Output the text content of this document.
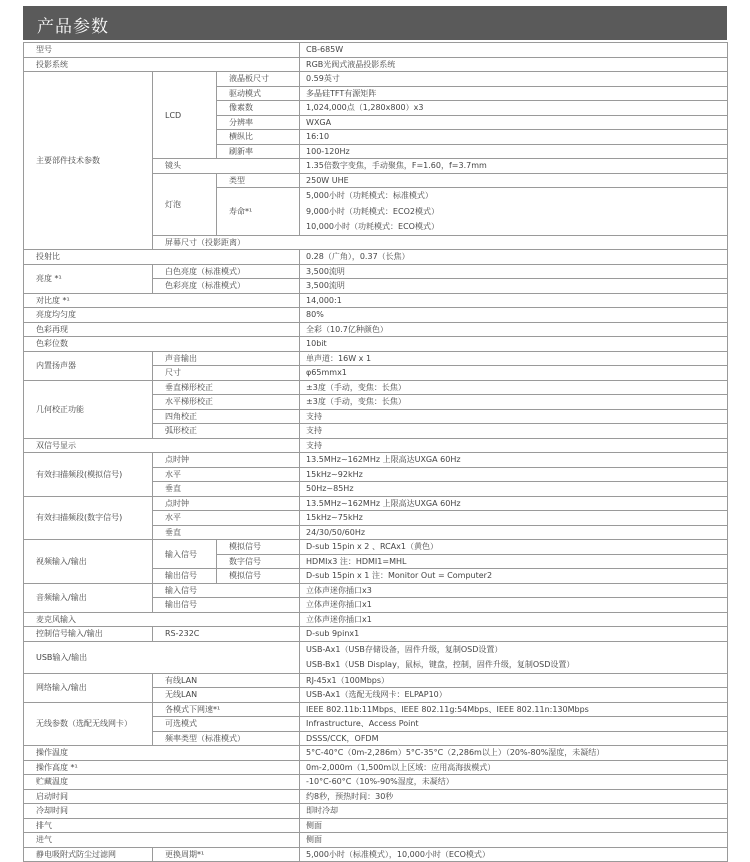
产品参数
型号			CB-685W	
投影系统			RGB光阀式液晶投影系统	
主要部件技术参数	LCD	液晶板尺寸	0.59英寸	
		驱动模式	多晶硅TFT有源矩阵	
		像素数	1,024,000点（1,280x800）x3	
		分辨率	WXGA	
		横纵比	16:10	
		刷新率	100-120Hz	
	镜头		1.35倍数字变焦，手动聚焦，F=1.60，f=3.7mm	
	灯泡	类型	250W UHE	
		寿命*¹	5,000小时（功耗模式：标准模式）
9,000小时（功耗模式：ECO2模式）
10,000小时（功耗模式：ECO模式）	

	屏幕尺寸（投影距离）	
投射比			0.28（广角），0.37（长焦）	
亮度 *¹	白色亮度（标准模式）		3,500流明	
	色彩亮度（标准模式）		3,500流明	
对比度 *¹			14,000:1	
亮度均匀度			80%	
色彩再现			全彩（10.7亿种颜色）	
色彩位数			10bit	
内置扬声器	声音输出		单声道：16W x 1	
	尺寸		φ65mmx1	
几何校正功能	垂直梯形校正		±3度（手动，变焦：长焦）	
	水平梯形校正		±3度（手动，变焦：长焦）	
	四角校正		支持	
	弧形校正		支持	
双信号显示			支持	
有效扫描频段(模拟信号)	点时钟		13.5MHz~162MHz 上限高达UXGA 60Hz	
	水平		15kHz~92kHz	
	垂直		50Hz~85Hz	
有效扫描频段(数字信号)	点时钟		13.5MHz~162MHz 上限高达UXGA 60Hz	
	水平		15kHz~75kHz	
	垂直		24/30/50/60Hz	
视频输入/输出	输入信号	模拟信号	D-sub 15pin x 2 、RCAx1（黄色）	
		数字信号	HDMIx3 注：HDMI1=MHL	
	输出信号	模拟信号	D-sub 15pin x 1 注：Monitor Out = Computer2	
音频输入/输出	输入信号		立体声迷你插口x3	
	输出信号		立体声迷你插口x1	
麦克风输入			立体声迷你插口x1	
控制信号输入/输出	RS-232C		D-sub 9pinx1	
USB输入/输出			USB-Ax1（USB存储设备，固件升级，复制OSD设置）
USB-Bx1（USB Display，鼠标，键盘，控制，固件升级，复制OSD设置）	

网络输入/输出	有线LAN		RJ-45x1（100Mbps）	
	无线LAN		USB-Ax1（选配无线网卡：ELPAP10）	
无线参数（选配无线网卡）	各模式下网速*¹		IEEE 802.11b:11Mbps、IEEE 802.11g:54Mbps、IEEE 802.11n:130Mbps	
	可选模式		Infrastructure、Access Point	
	频率类型（标准模式）		DSSS/CCK，OFDM	
操作温度			5°C-40°C（0m-2,286m）5°C-35°C（2,286m以上）（20%-80%湿度，未凝结）	
操作高度 *¹			0m-2,000m（1,500m以上区域：应用高海拔模式）	
贮藏温度			-10°C-60°C（10%-90%湿度，未凝结）	
启动时间			约8秒，预热时间：30秒	
冷却时间			即时冷却	
排气			侧面	
进气			侧面	
静电吸附式防尘过滤网	更换周期*¹		5,000小时（标准模式），10,000小时（ECO模式）	
